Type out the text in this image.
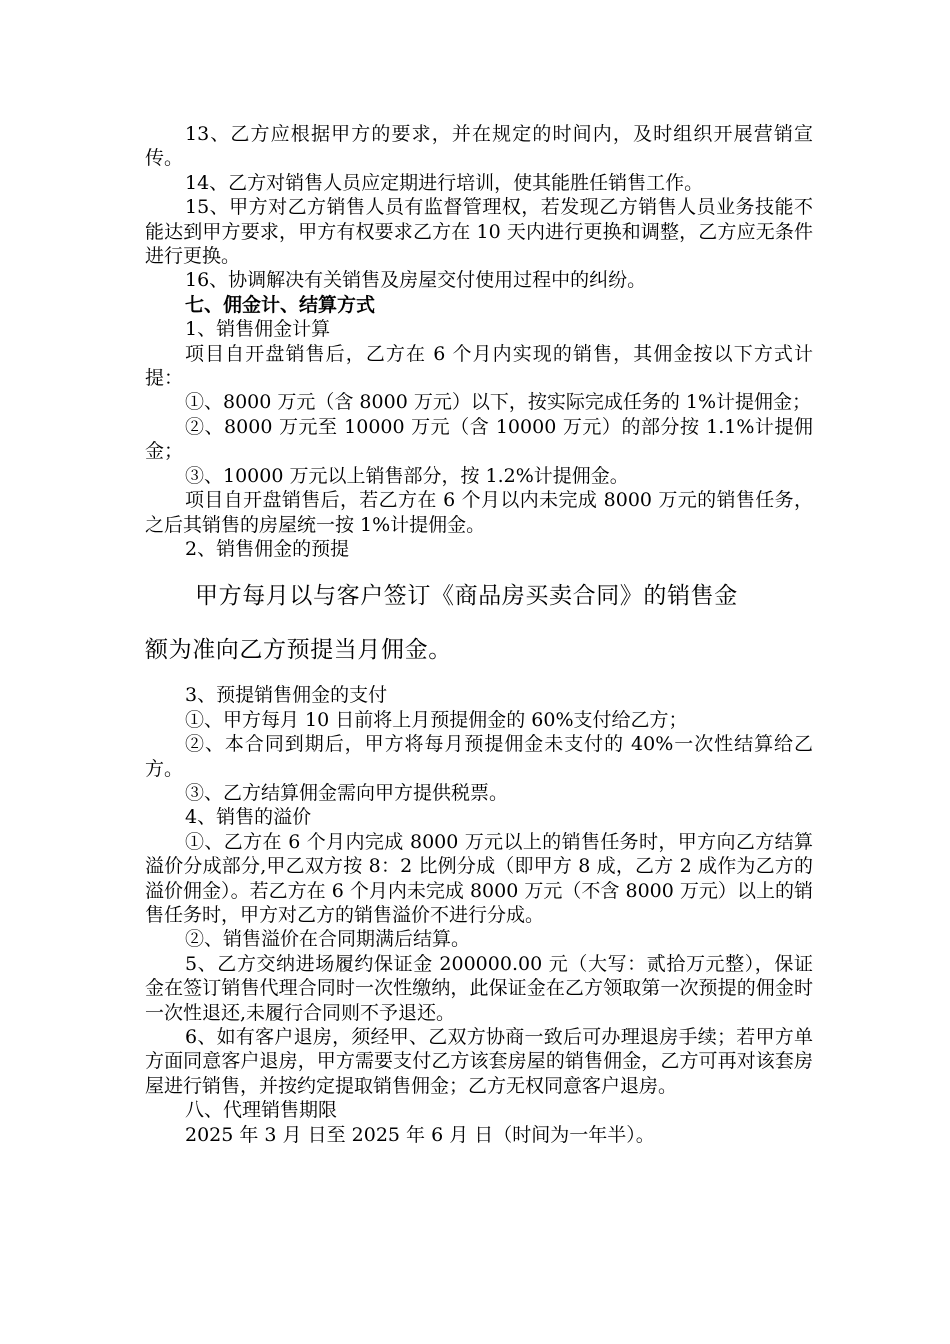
13、乙方应根据甲方的要求，并在规定的时间内，及时组织开展营销宣传。

14、乙方对销售人员应定期进行培训，使其能胜任销售工作。

15、甲方对乙方销售人员有监督管理权，若发现乙方销售人员业务技能不能达到甲方要求，甲方有权要求乙方在 10 天内进行更换和调整，乙方应无条件进行更换。

16、协调解决有关销售及房屋交付使用过程中的纠纷。

七、佣金计、结算方式

1、销售佣金计算

项目自开盘销售后，乙方在 6 个月内实现的销售，其佣金按以下方式计提：

①、8000 万元（含 8000 万元）以下，按实际完成任务的 1%计提佣金；

②、8000 万元至 10000 万元（含 10000 万元）的部分按 1.1%计提佣金；

③、10000 万元以上销售部分，按 1.2%计提佣金。

项目自开盘销售后，若乙方在 6 个月以内未完成 8000 万元的销售任务，之后其销售的房屋统一按 1%计提佣金。

2、销售佣金的预提

甲方每月以与客户签订《商品房买卖合同》的销售金

额为准向乙方预提当月佣金。

3、预提销售佣金的支付

①、甲方每月 10 日前将上月预提佣金的 60%支付给乙方；

②、本合同到期后，甲方将每月预提佣金未支付的 40%一次性结算给乙方。

③、乙方结算佣金需向甲方提供税票。

4、销售的溢价

①、乙方在 6 个月内完成 8000 万元以上的销售任务时，甲方向乙方结算溢价分成部分,甲乙双方按 8：2 比例分成（即甲方 8 成，乙方 2 成作为乙方的溢价佣金）。若乙方在 6 个月内未完成 8000 万元（不含 8000 万元）以上的销售任务时，甲方对乙方的销售溢价不进行分成。

②、销售溢价在合同期满后结算。

5、乙方交纳进场履约保证金 200000.00 元（大写：贰拾万元整），保证金在签订销售代理合同时一次性缴纳，此保证金在乙方领取第一次预提的佣金时一次性退还,未履行合同则不予退还。

6、如有客户退房，须经甲、乙双方协商一致后可办理退房手续；若甲方单方面同意客户退房，甲方需要支付乙方该套房屋的销售佣金，乙方可再对该套房屋进行销售，并按约定提取销售佣金；乙方无权同意客户退房。

八、代理销售期限

2025 年 3 月 日至 2025 年 6 月 日（时间为一年半）。
